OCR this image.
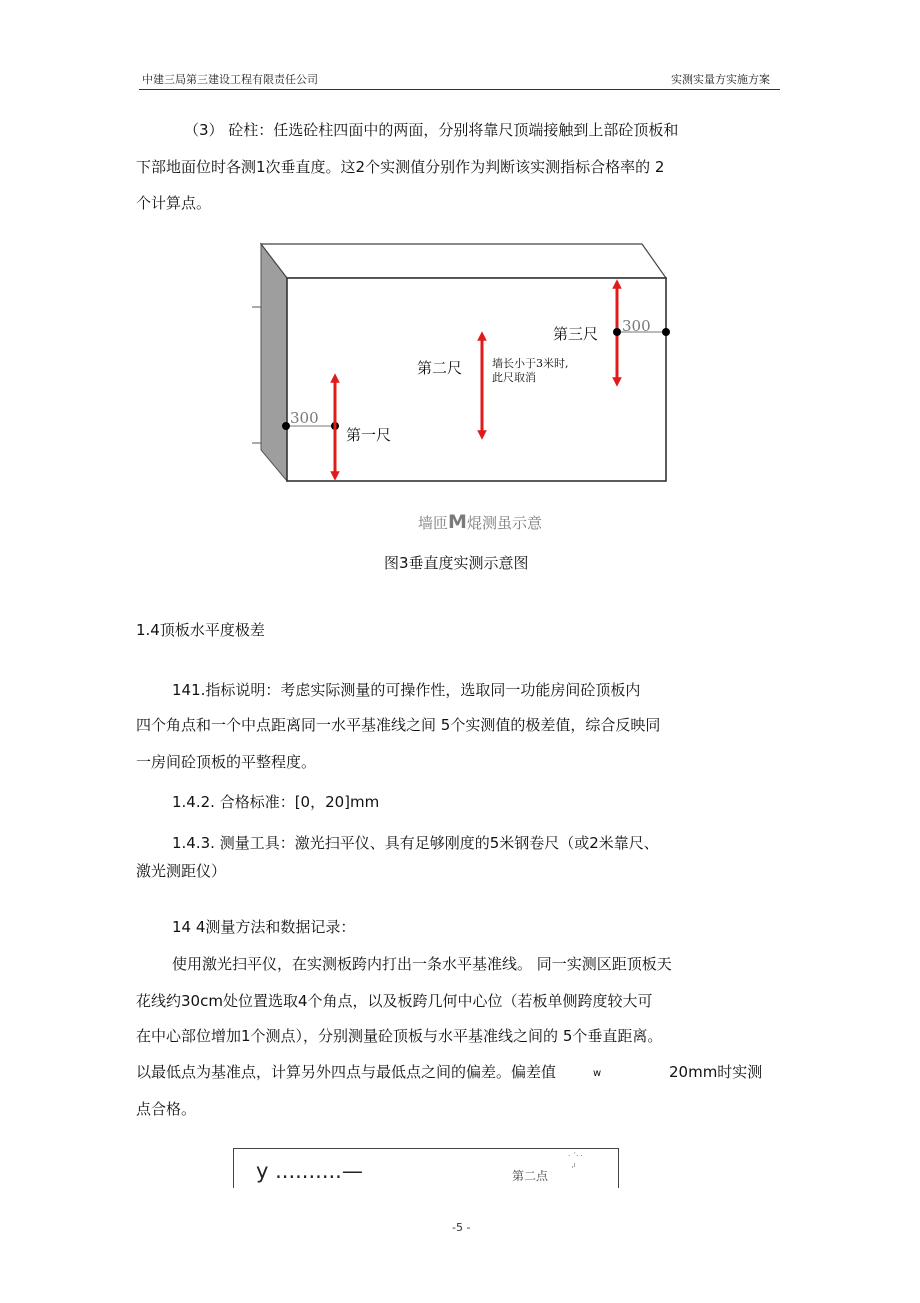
中建三局第三建设工程有限责任公司	实测实量方实施方案
（3） 砼柱：任选砼柱四面中的两面，分别将靠尺顶端接触到上部砼顶板和
下部地面位时各测1次垂直度。这2个实测值分别作为判断该实测指标合格率的 2
个计算点。
300
第一尺
第二尺	墙长小于3米时,
此尺取消
第三尺 300
墙匝M焜测虽示意
图3垂直度实测示意图
1.4顶板水平度极差
141.指标说明：考虑实际测量的可操作性，选取同一功能房间砼顶板内
四个角点和一个中点距离同一水平基准线之间 5个实测值的极差值，综合反映同
一房间砼顶板的平整程度。
1.4.2. 合格标准：[0，20]mm
1.4.3. 测量工具：激光扫平仪、具有足够刚度的5米钢卷尺（或2米靠尺、
激光测距仪）
14 4测量方法和数据记录：
使用激光扫平仪，在实测板跨内打出一条水平基准线。 同一实测区距顶板天
花线约30cm处位置选取4个角点，以及板跨几何中心位（若板单侧跨度较大可
在中心部位增加1个测点），分别测量砼顶板与水平基准线之间的 5个垂直距离。
以最低点为基准点，计算另外四点与最低点之间的偏差。偏差值	w	20mm时实测
点合格。
y ..........—	第二点
· ˊ· ·
·ˡ
-5 -
